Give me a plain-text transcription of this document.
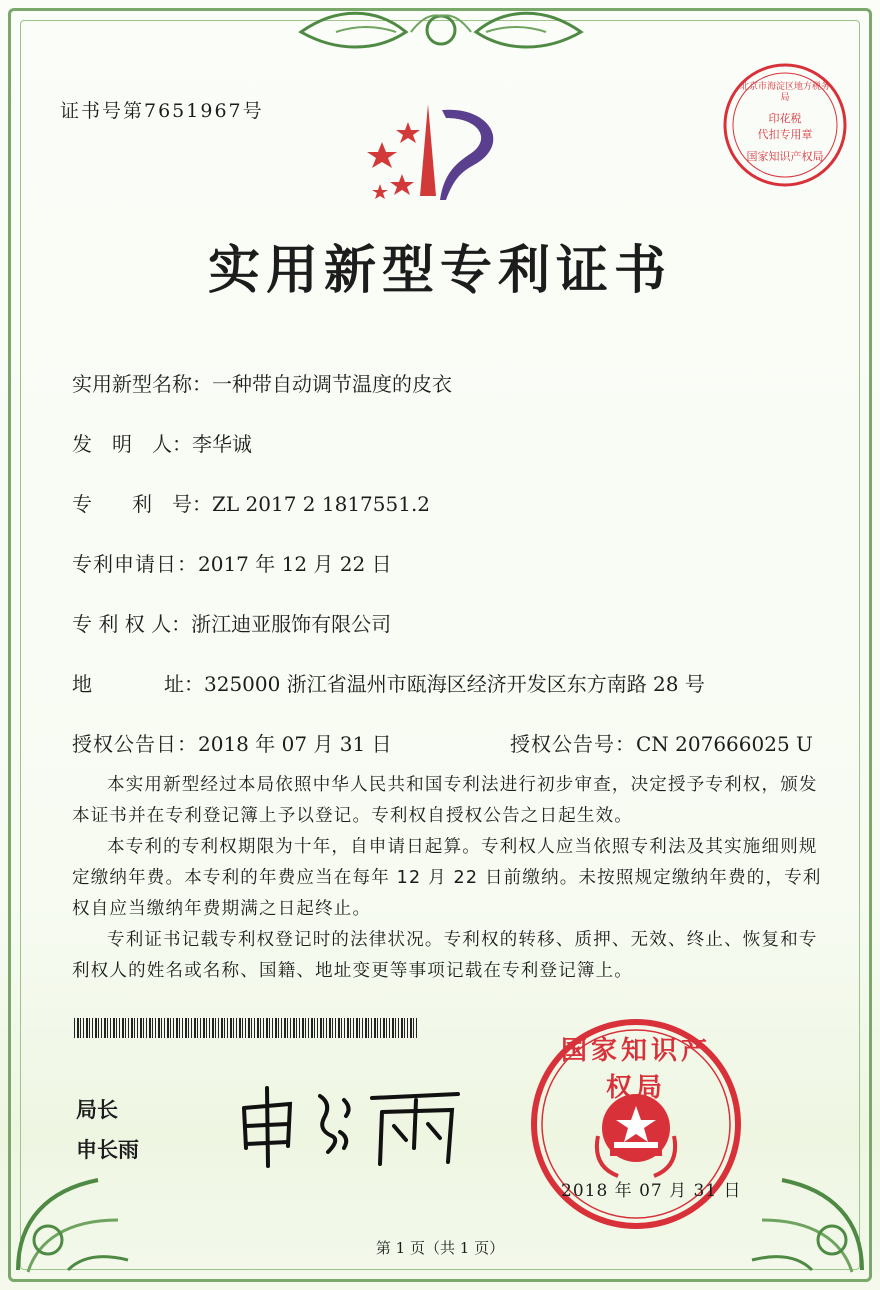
证书号第7651967号
北京市海淀区地方税务局
印花税
代扣专用章
国家知识产权局
实用新型专利证书
实用新型名称：一种带自动调节温度的皮衣
发　明　人：李华诚
专　　利　号：ZL 2017 2 1817551.2
专利申请日：2017 年 12 月 22 日
专 利 权 人：浙江迪亚服饰有限公司
地	址：325000 浙江省温州市瓯海区经济开发区东方南路 28 号
授权公告日：2018 年 07 月 31 日	授权公告号：CN 207666025 U
本实用新型经过本局依照中华人民共和国专利法进行初步审查，决定授予专利权，颁发本证书并在专利登记簿上予以登记。专利权自授权公告之日起生效。
本专利的专利权期限为十年，自申请日起算。专利权人应当依照专利法及其实施细则规定缴纳年费。本专利的年费应当在每年 12 月 22 日前缴纳。未按照规定缴纳年费的，专利权自应当缴纳年费期满之日起终止。
专利证书记载专利权登记时的法律状况。专利权的转移、质押、无效、终止、恢复和专利权人的姓名或名称、国籍、地址变更等事项记载在专利登记簿上。
局长
申长雨
国家知识产权局
2018 年 07 月 31 日
第 1 页（共 1 页）
